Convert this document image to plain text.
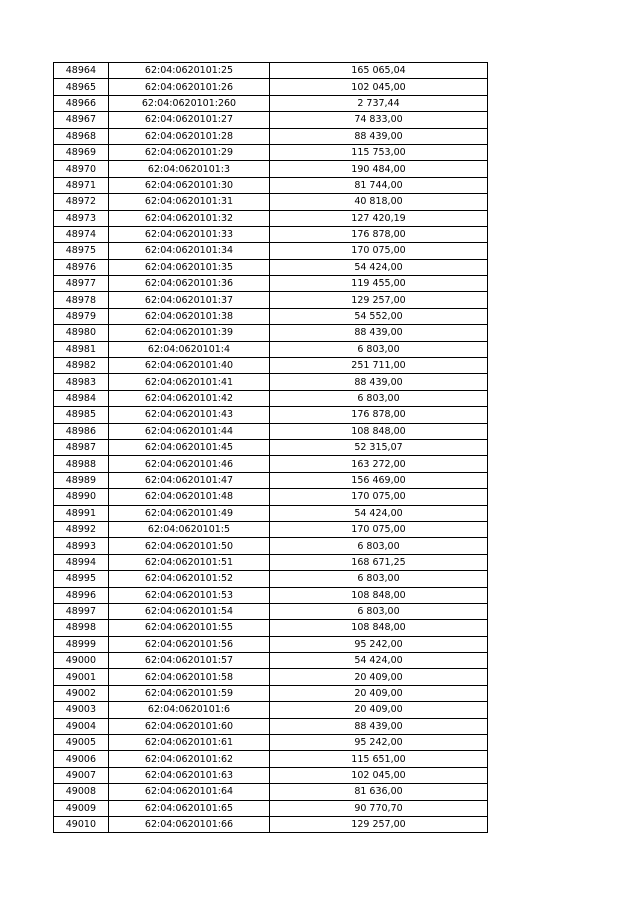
48964	62:04:0620101:25	165 065,04
48965	62:04:0620101:26	102 045,00
48966	62:04:0620101:260	2 737,44
48967	62:04:0620101:27	74 833,00
48968	62:04:0620101:28	88 439,00
48969	62:04:0620101:29	115 753,00
48970	62:04:0620101:3	190 484,00
48971	62:04:0620101:30	81 744,00
48972	62:04:0620101:31	40 818,00
48973	62:04:0620101:32	127 420,19
48974	62:04:0620101:33	176 878,00
48975	62:04:0620101:34	170 075,00
48976	62:04:0620101:35	54 424,00
48977	62:04:0620101:36	119 455,00
48978	62:04:0620101:37	129 257,00
48979	62:04:0620101:38	54 552,00
48980	62:04:0620101:39	88 439,00
48981	62:04:0620101:4	6 803,00
48982	62:04:0620101:40	251 711,00
48983	62:04:0620101:41	88 439,00
48984	62:04:0620101:42	6 803,00
48985	62:04:0620101:43	176 878,00
48986	62:04:0620101:44	108 848,00
48987	62:04:0620101:45	52 315,07
48988	62:04:0620101:46	163 272,00
48989	62:04:0620101:47	156 469,00
48990	62:04:0620101:48	170 075,00
48991	62:04:0620101:49	54 424,00
48992	62:04:0620101:5	170 075,00
48993	62:04:0620101:50	6 803,00
48994	62:04:0620101:51	168 671,25
48995	62:04:0620101:52	6 803,00
48996	62:04:0620101:53	108 848,00
48997	62:04:0620101:54	6 803,00
48998	62:04:0620101:55	108 848,00
48999	62:04:0620101:56	95 242,00
49000	62:04:0620101:57	54 424,00
49001	62:04:0620101:58	20 409,00
49002	62:04:0620101:59	20 409,00
49003	62:04:0620101:6	20 409,00
49004	62:04:0620101:60	88 439,00
49005	62:04:0620101:61	95 242,00
49006	62:04:0620101:62	115 651,00
49007	62:04:0620101:63	102 045,00
49008	62:04:0620101:64	81 636,00
49009	62:04:0620101:65	90 770,70
49010	62:04:0620101:66	129 257,00
